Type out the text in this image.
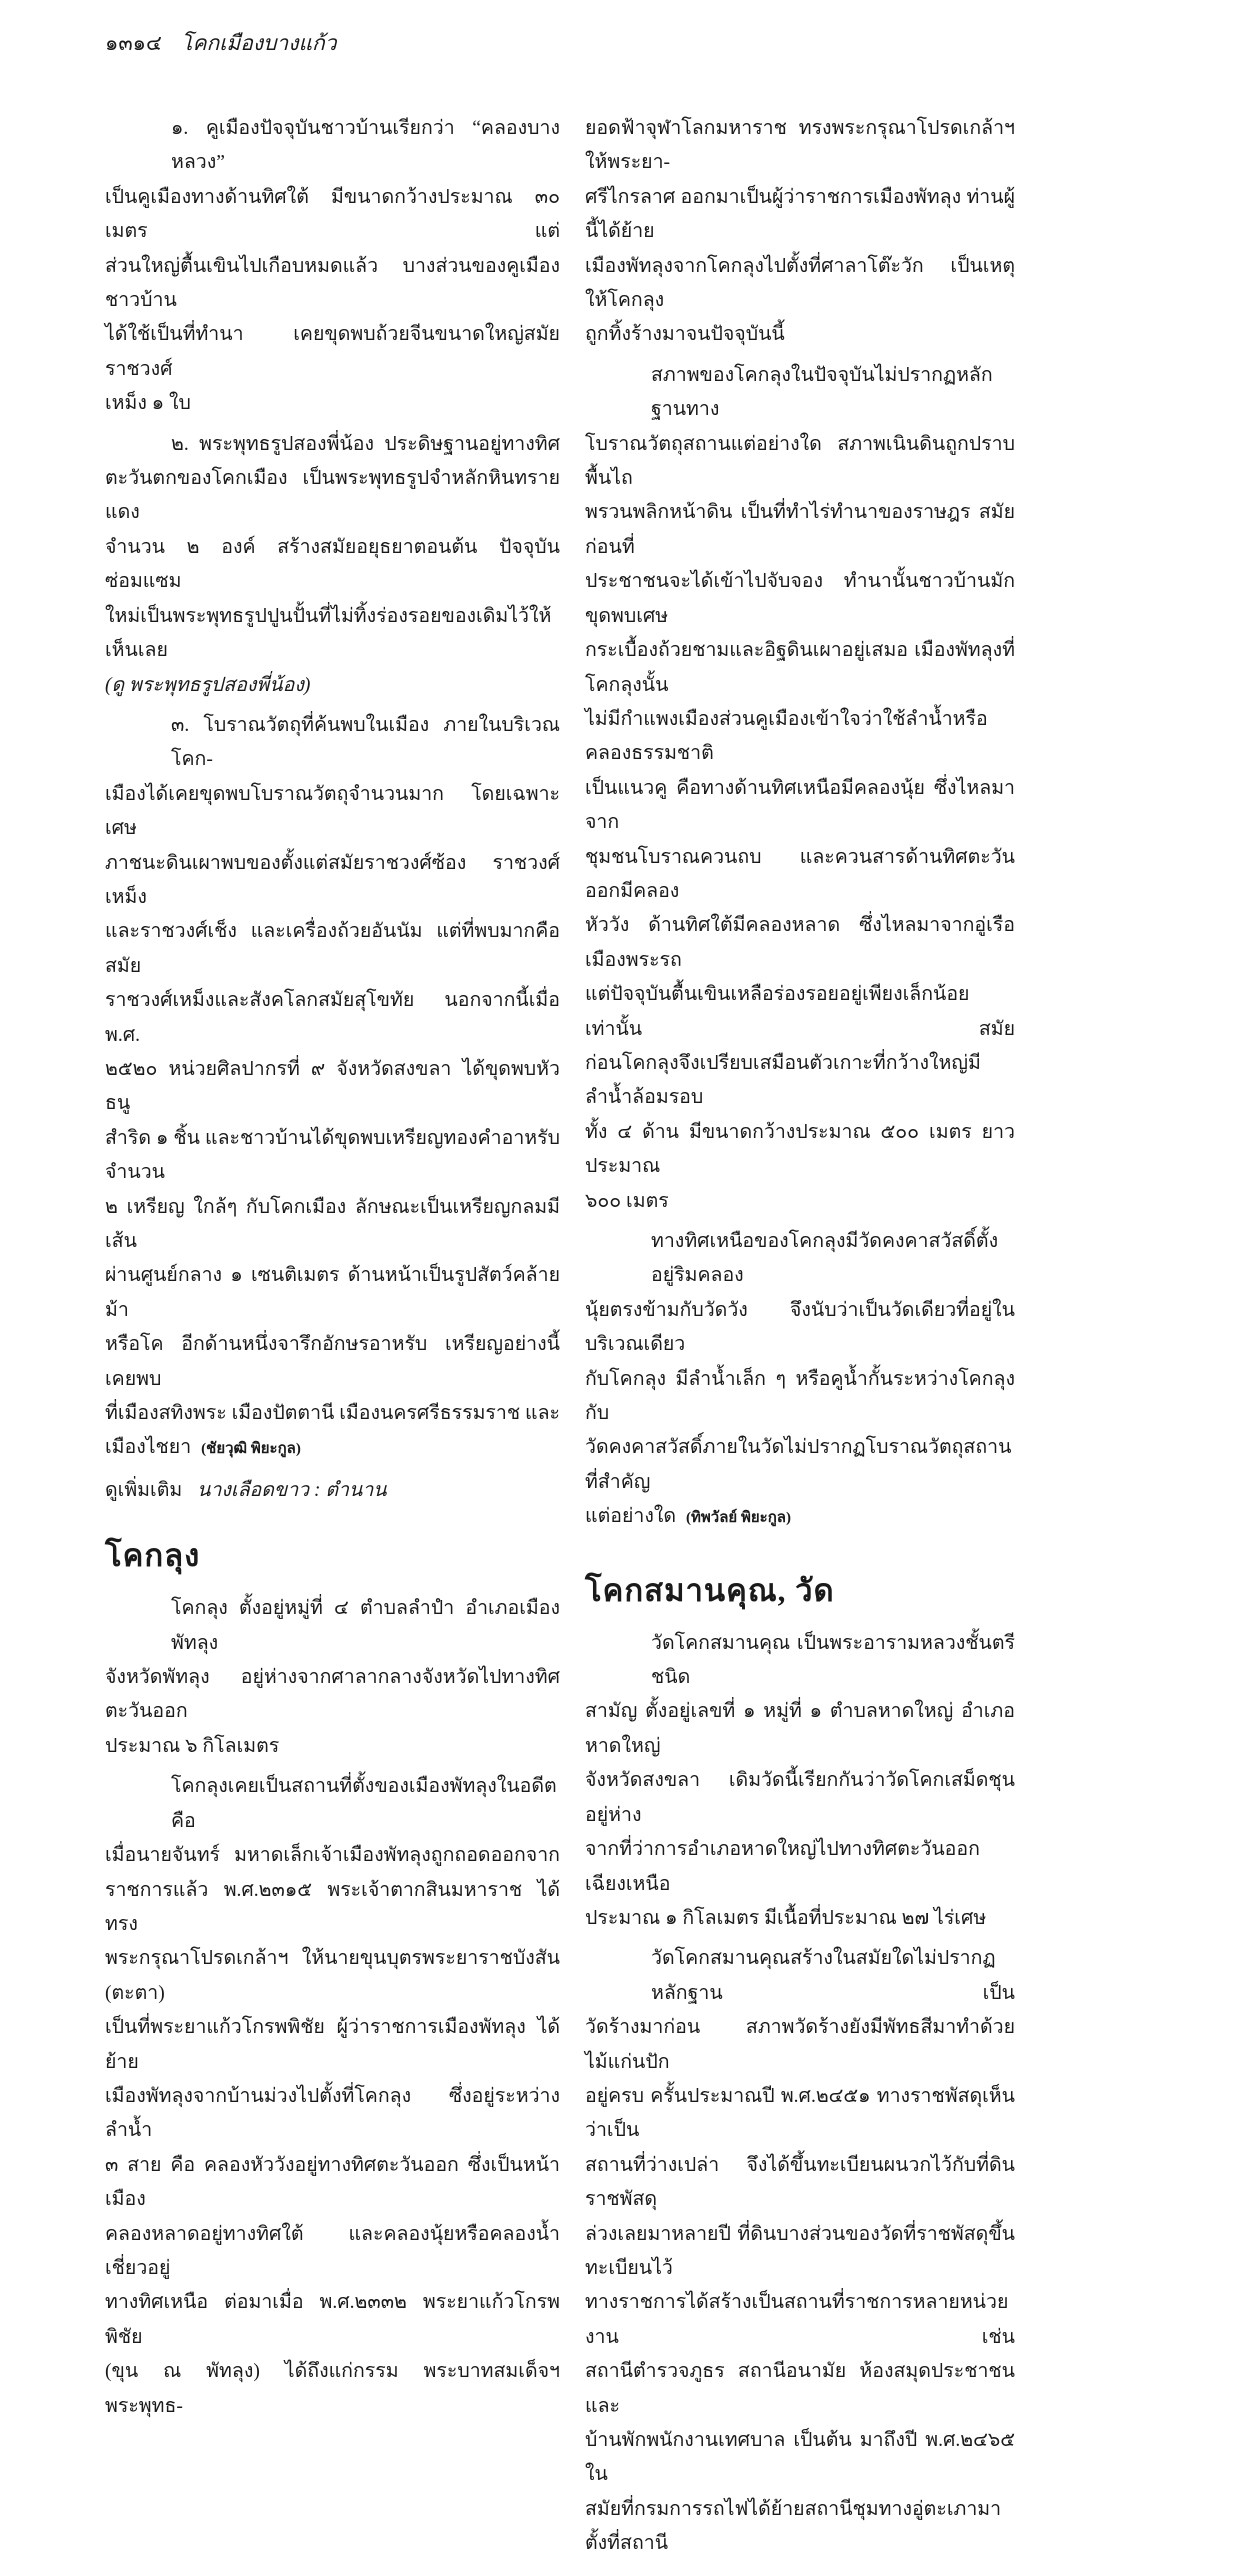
๑๓๑๔ โคกเมืองบางแก้ว
๑. คูเมืองปัจจุบันชาวบ้านเรียกว่า “คลองบางหลวง”
เป็นคูเมืองทางด้านทิศใต้ มีขนาดกว้างประมาณ ๓๐ เมตร แต่
ส่วนใหญ่ตื้นเขินไปเกือบหมดแล้ว บางส่วนของคูเมืองชาวบ้าน
ได้ใช้เป็นที่ทำนา เคยขุดพบถ้วยจีนขนาดใหญ่สมัยราชวงศ์
เหม็ง ๑ ใบ
๒. พระพุทธรูปสองพี่น้อง ประดิษฐานอยู่ทางทิศ
ตะวันตกของโคกเมือง เป็นพระพุทธรูปจำหลักหินทรายแดง
จำนวน ๒ องค์ สร้างสมัยอยุธยาตอนต้น ปัจจุบันซ่อมแซม
ใหม่เป็นพระพุทธรูปปูนปั้นที่ไม่ทิ้งร่องรอยของเดิมไว้ให้เห็นเลย
(ดู พระพุทธรูปสองพี่น้อง)
๓. โบราณวัตถุที่ค้นพบในเมือง ภายในบริเวณโคก-
เมืองได้เคยขุดพบโบราณวัตถุจำนวนมาก โดยเฉพาะเศษ
ภาชนะดินเผาพบของตั้งแต่สมัยราชวงศ์ซ้อง ราชวงศ์เหม็ง
และราชวงศ์เช็ง และเครื่องถ้วยอันนัม แต่ที่พบมากคือสมัย
ราชวงศ์เหม็งและสังคโลกสมัยสุโขทัย นอกจากนี้เมื่อ พ.ศ.
๒๕๒๐ หน่วยศิลปากรที่ ๙ จังหวัดสงขลา ได้ขุดพบหัวธนู
สำริด ๑ ชิ้น และชาวบ้านได้ขุดพบเหรียญทองคำอาหรับจำนวน
๒ เหรียญ ใกล้ๆ กับโคกเมือง ลักษณะเป็นเหรียญกลมมีเส้น
ผ่านศูนย์กลาง ๑ เซนติเมตร ด้านหน้าเป็นรูปสัตว์คล้ายม้า
หรือโค อีกด้านหนึ่งจารึกอักษรอาหรับ เหรียญอย่างนี้เคยพบ
ที่เมืองสทิงพระ เมืองปัตตานี เมืองนครศรีธรรมราช และ
เมืองไชยา (ชัยวุฒิ พิยะกูล)
ดูเพิ่มเติม นางเลือดขาว : ตำนาน
โคกลุง
โคกลุง ตั้งอยู่หมู่ที่ ๔ ตำบลลำปำ อำเภอเมืองพัทลุง
จังหวัดพัทลุง อยู่ห่างจากศาลากลางจังหวัดไปทางทิศตะวันออก
ประมาณ ๖ กิโลเมตร
โคกลุงเคยเป็นสถานที่ตั้งของเมืองพัทลุงในอดีต คือ
เมื่อนายจันทร์ มหาดเล็กเจ้าเมืองพัทลุงถูกถอดออกจาก
ราชการแล้ว พ.ศ.๒๓๑๕ พระเจ้าตากสินมหาราช ได้ทรง
พระกรุณาโปรดเกล้าฯ ให้นายขุนบุตรพระยาราชบังสัน (ตะตา)
เป็นที่พระยาแก้วโกรพพิชัย ผู้ว่าราชการเมืองพัทลุง ได้ย้าย
เมืองพัทลุงจากบ้านม่วงไปตั้งที่โคกลุง ซึ่งอยู่ระหว่างลำน้ำ
๓ สาย คือ คลองหัววังอยู่ทางทิศตะวันออก ซึ่งเป็นหน้าเมือง
คลองหลาดอยู่ทางทิศใต้ และคลองนุ้ยหรือคลองน้ำเชี่ยวอยู่
ทางทิศเหนือ ต่อมาเมื่อ พ.ศ.๒๓๓๒ พระยาแก้วโกรพพิชัย
(ขุน ณ พัทลุง) ได้ถึงแก่กรรม พระบาทสมเด็จฯ พระพุทธ-
ยอดฟ้าจุฬาโลกมหาราช ทรงพระกรุณาโปรดเกล้าฯ ให้พระยา-
ศรีไกรลาศ ออกมาเป็นผู้ว่าราชการเมืองพัทลุง ท่านผู้นี้ได้ย้าย
เมืองพัทลุงจากโคกลุงไปตั้งที่ศาลาโต๊ะวัก เป็นเหตุให้โคกลุง
ถูกทิ้งร้างมาจนปัจจุบันนี้
สภาพของโคกลุงในปัจจุบันไม่ปรากฏหลักฐานทาง
โบราณวัตถุสถานแต่อย่างใด สภาพเนินดินถูกปราบพื้นไถ
พรวนพลิกหน้าดิน เป็นที่ทำไร่ทำนาของราษฎร สมัยก่อนที่
ประชาชนจะได้เข้าไปจับจอง ทำนานั้นชาวบ้านมักขุดพบเศษ
กระเบื้องถ้วยชามและอิฐดินเผาอยู่เสมอ เมืองพัทลุงที่โคกลุงนั้น
ไม่มีกำแพงเมืองส่วนคูเมืองเข้าใจว่าใช้ลำน้ำหรือคลองธรรมชาติ
เป็นแนวคู คือทางด้านทิศเหนือมีคลองนุ้ย ซึ่งไหลมาจาก
ชุมชนโบราณควนถบ และควนสารด้านทิศตะวันออกมีคลอง
หัววัง ด้านทิศใต้มีคลองหลาด ซึ่งไหลมาจากอู่เรือเมืองพระรถ
แต่ปัจจุบันตื้นเขินเหลือร่องรอยอยู่เพียงเล็กน้อยเท่านั้น สมัย
ก่อนโคกลุงจึงเปรียบเสมือนตัวเกาะที่กว้างใหญ่มีลำน้ำล้อมรอบ
ทั้ง ๔ ด้าน มีขนาดกว้างประมาณ ๕๐๐ เมตร ยาวประมาณ
๖๐๐ เมตร
ทางทิศเหนือของโคกลุงมีวัดคงคาสวัสดิ์ตั้งอยู่ริมคลอง
นุ้ยตรงข้ามกับวัดวัง จึงนับว่าเป็นวัดเดียวที่อยู่ในบริเวณเดียว
กับโคกลุง มีลำน้ำเล็ก ๆ หรือคูน้ำกั้นระหว่างโคกลุงกับ
วัดคงคาสวัสดิ์ภายในวัดไม่ปรากฏโบราณวัตถุสถานที่สำคัญ
แต่อย่างใด (ทิพวัลย์ พิยะกูล)
โคกสมานคุณ, วัด
วัดโคกสมานคุณ เป็นพระอารามหลวงชั้นตรี ชนิด
สามัญ ตั้งอยู่เลขที่ ๑ หมู่ที่ ๑ ตำบลหาดใหญ่ อำเภอหาดใหญ่
จังหวัดสงขลา เดิมวัดนี้เรียกกันว่าวัดโคกเสม็ดชุน อยู่ห่าง
จากที่ว่าการอำเภอหาดใหญ่ไปทางทิศตะวันออกเฉียงเหนือ
ประมาณ ๑ กิโลเมตร มีเนื้อที่ประมาณ ๒๗ ไร่เศษ
วัดโคกสมานคุณสร้างในสมัยใดไม่ปรากฏหลักฐาน เป็น
วัดร้างมาก่อน สภาพวัดร้างยังมีพัทธสีมาทำด้วยไม้แก่นปัก
อยู่ครบ ครั้นประมาณปี พ.ศ.๒๔๕๑ ทางราชพัสดุเห็นว่าเป็น
สถานที่ว่างเปล่า จึงได้ขึ้นทะเบียนผนวกไว้กับที่ดินราชพัสดุ
ล่วงเลยมาหลายปี ที่ดินบางส่วนของวัดที่ราชพัสดุขึ้นทะเบียนไว้
ทางราชการได้สร้างเป็นสถานที่ราชการหลายหน่วยงาน เช่น
สถานีตำรวจภูธร สถานีอนามัย ห้องสมุดประชาชนและ
บ้านพักพนักงานเทศบาล เป็นต้น มาถึงปี พ.ศ.๒๔๖๕ ใน
สมัยที่กรมการรถไฟได้ย้ายสถานีชุมทางอู่ตะเภามาตั้งที่สถานี
